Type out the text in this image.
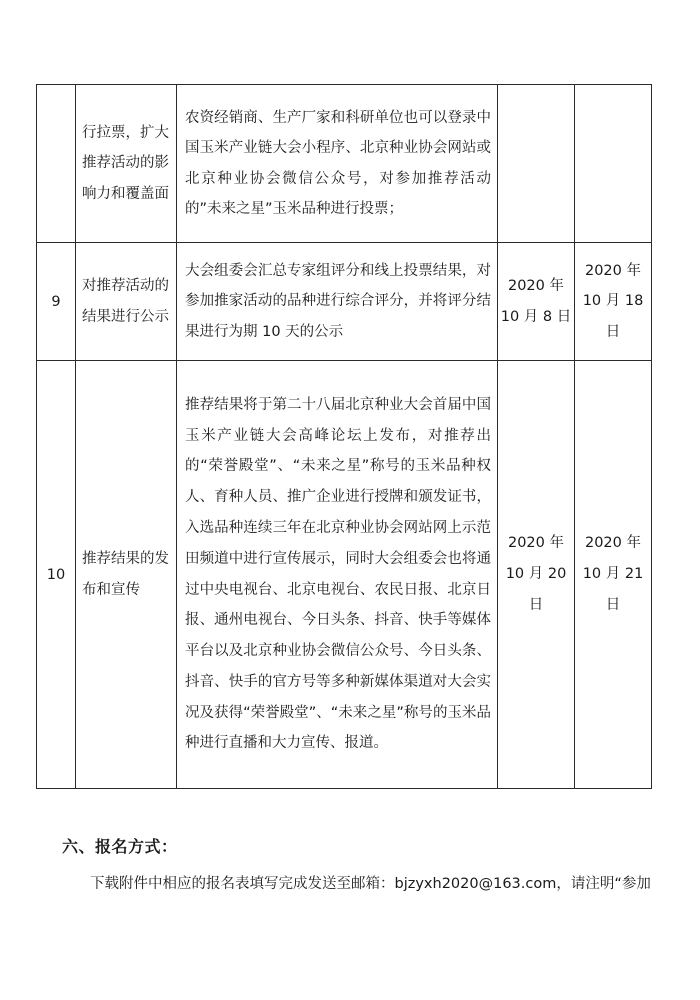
	行拉票，扩大推荐活动的影响力和覆盖面	农资经销商、生产厂家和科研单位也可以登录中国玉米产业链大会小程序、北京种业协会网站或北京种业协会微信公众号，对参加推荐活动的”未来之星”玉米品种进行投票；		

9	对推荐活动的结果进行公示	大会组委会汇总专家组评分和线上投票结果，对参加推家活动的品种进行综合评分，并将评分结果进行为期 10 天的公示	2020 年 10 月 8 日	2020 年 10 月 18 日

10	推荐结果的发布和宣传	推荐结果将于第二十八届北京种业大会首届中国玉米产业链大会高峰论坛上发布，对推荐出的“荣誉殿堂”、“未来之星”称号的玉米品种权人、育种人员、推广企业进行授牌和颁发证书，入选品种连续三年在北京种业协会网站网上示范田频道中进行宣传展示，同时大会组委会也将通过中央电视台、北京电视台、农民日报、北京日报、通州电视台、今日头条、抖音、快手等媒体平台以及北京种业协会微信公众号、今日头条、抖音、快手的官方号等多种新媒体渠道对大会实况及获得“荣誉殿堂”、“未来之星”称号的玉米品种进行直播和大力宣传、报道。	2020 年 10 月 20 日	2020 年 10 月 21 日
六、报名方式：
下载附件中相应的报名表填写完成发送至邮箱：bjzyxh2020@163.com，请注明“参加
